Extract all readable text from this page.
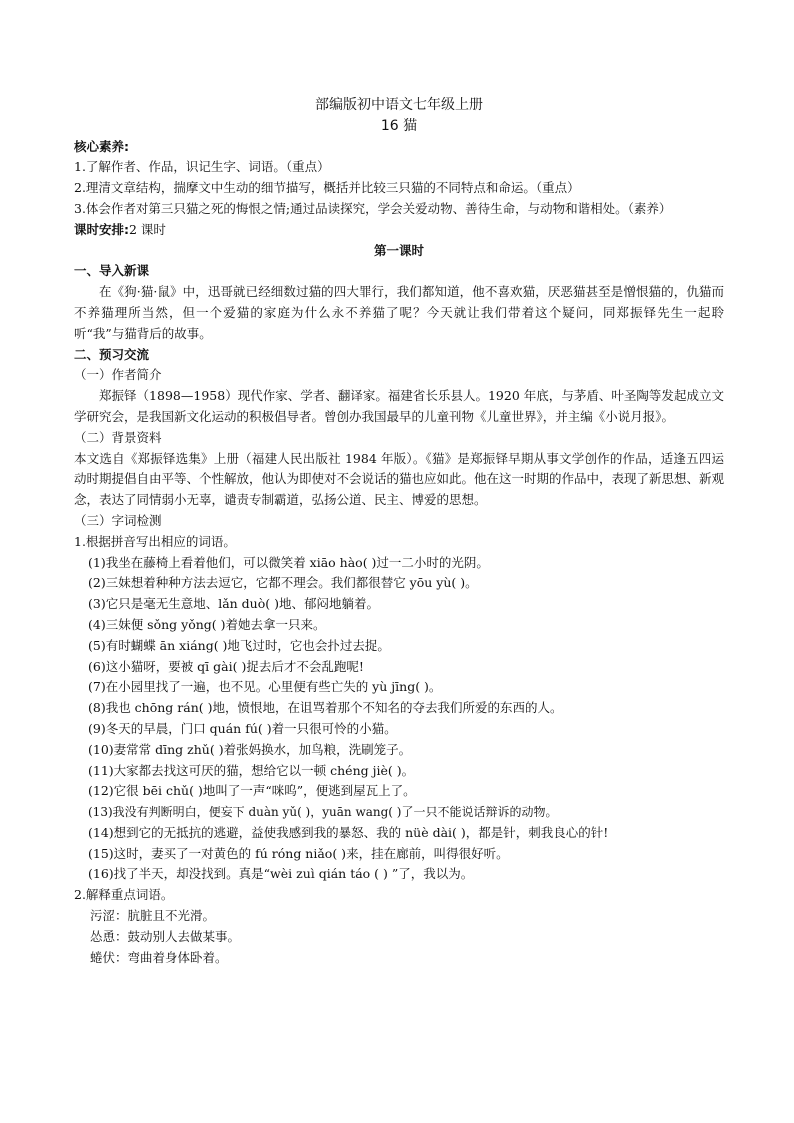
部编版初中语文七年级上册
16 猫
核心素养:
1.了解作者、作品，识记生字、词语。（重点）
2.理清文章结构，揣摩文中生动的细节描写，概括并比较三只猫的不同特点和命运。（重点）
3.体会作者对第三只猫之死的悔恨之情;通过品读探究，学会关爱动物、善待生命，与动物和谐相处。（素养）
课时安排:2 课时
第一课时
一、导入新课
在《狗·猫·鼠》中，迅哥就已经细数过猫的四大罪行，我们都知道，他不喜欢猫，厌恶猫甚至是憎恨猫的，仇猫而不养猫理所当然，但一个爱猫的家庭为什么永不养猫了呢？今天就让我们带着这个疑问，同郑振铎先生一起聆听“我”与猫背后的故事。
二、预习交流
（一）作者简介
郑振铎（1898—1958）现代作家、学者、翻译家。福建省长乐县人。1920 年底，与茅盾、叶圣陶等发起成立文学研究会，是我国新文化运动的积极倡导者。曾创办我国最早的儿童刊物《儿童世界》，并主编《小说月报》。
（二）背景资料
本文选自《郑振铎选集》上册（福建人民出版社 1984 年版）。《猫》是郑振铎早期从事文学创作的作品，适逢五四运动时期提倡自由平等、个性解放，他认为即使对不会说话的猫也应如此。他在这一时期的作品中，表现了新思想、新观念，表达了同情弱小无辜，谴责专制霸道，弘扬公道、民主、博爱的思想。
（三）字词检测
1.根据拼音写出相应的词语。
(1)我坐在藤椅上看着他们，可以微笑着 xiāo hào( )过一二小时的光阴。
(2)三妹想着种种方法去逗它，它都不理会。我们都很替它 yōu yù( )。
(3)它只是毫无生意地、lǎn duò( )地、郁闷地躺着。
(4)三妹便 sǒng yǒng( )着她去拿一只来。
(5)有时蝴蝶 ān xiáng( )地飞过时，它也会扑过去捉。
(6)这小猫呀，要被 qī gài( )捉去后才不会乱跑呢!
(7)在小园里找了一遍，也不见。心里便有些亡失的 yù jīng( )。
(8)我也 chōng rán( )地，愤恨地，在诅骂着那个不知名的夺去我们所爱的东西的人。
(9)冬天的早晨，门口 quán fú( )着一只很可怜的小猫。
(10)妻常常 dīng zhǔ( )着张妈换水，加鸟粮，洗刷笼子。
(11)大家都去找这可厌的猫，想给它以一顿 chéng jiè( )。
(12)它很 bēi chǔ( )地叫了一声“咪呜”，便逃到屋瓦上了。
(13)我没有判断明白，便妄下 duàn yǔ( )，yuān wang( )了一只不能说话辩诉的动物。
(14)想到它的无抵抗的逃避，益使我感到我的暴怒、我的 nüè dài( )，都是针，刺我良心的针!
(15)这时，妻买了一对黄色的 fú róng niǎo( )来，挂在廊前，叫得很好听。
(16)找了半天，却没找到。真是“wèi zuì qián táo ( ) ”了，我以为。
2.解释重点词语。
污涩：肮脏且不光滑。
怂恿：鼓动别人去做某事。
蜷伏：弯曲着身体卧着。
